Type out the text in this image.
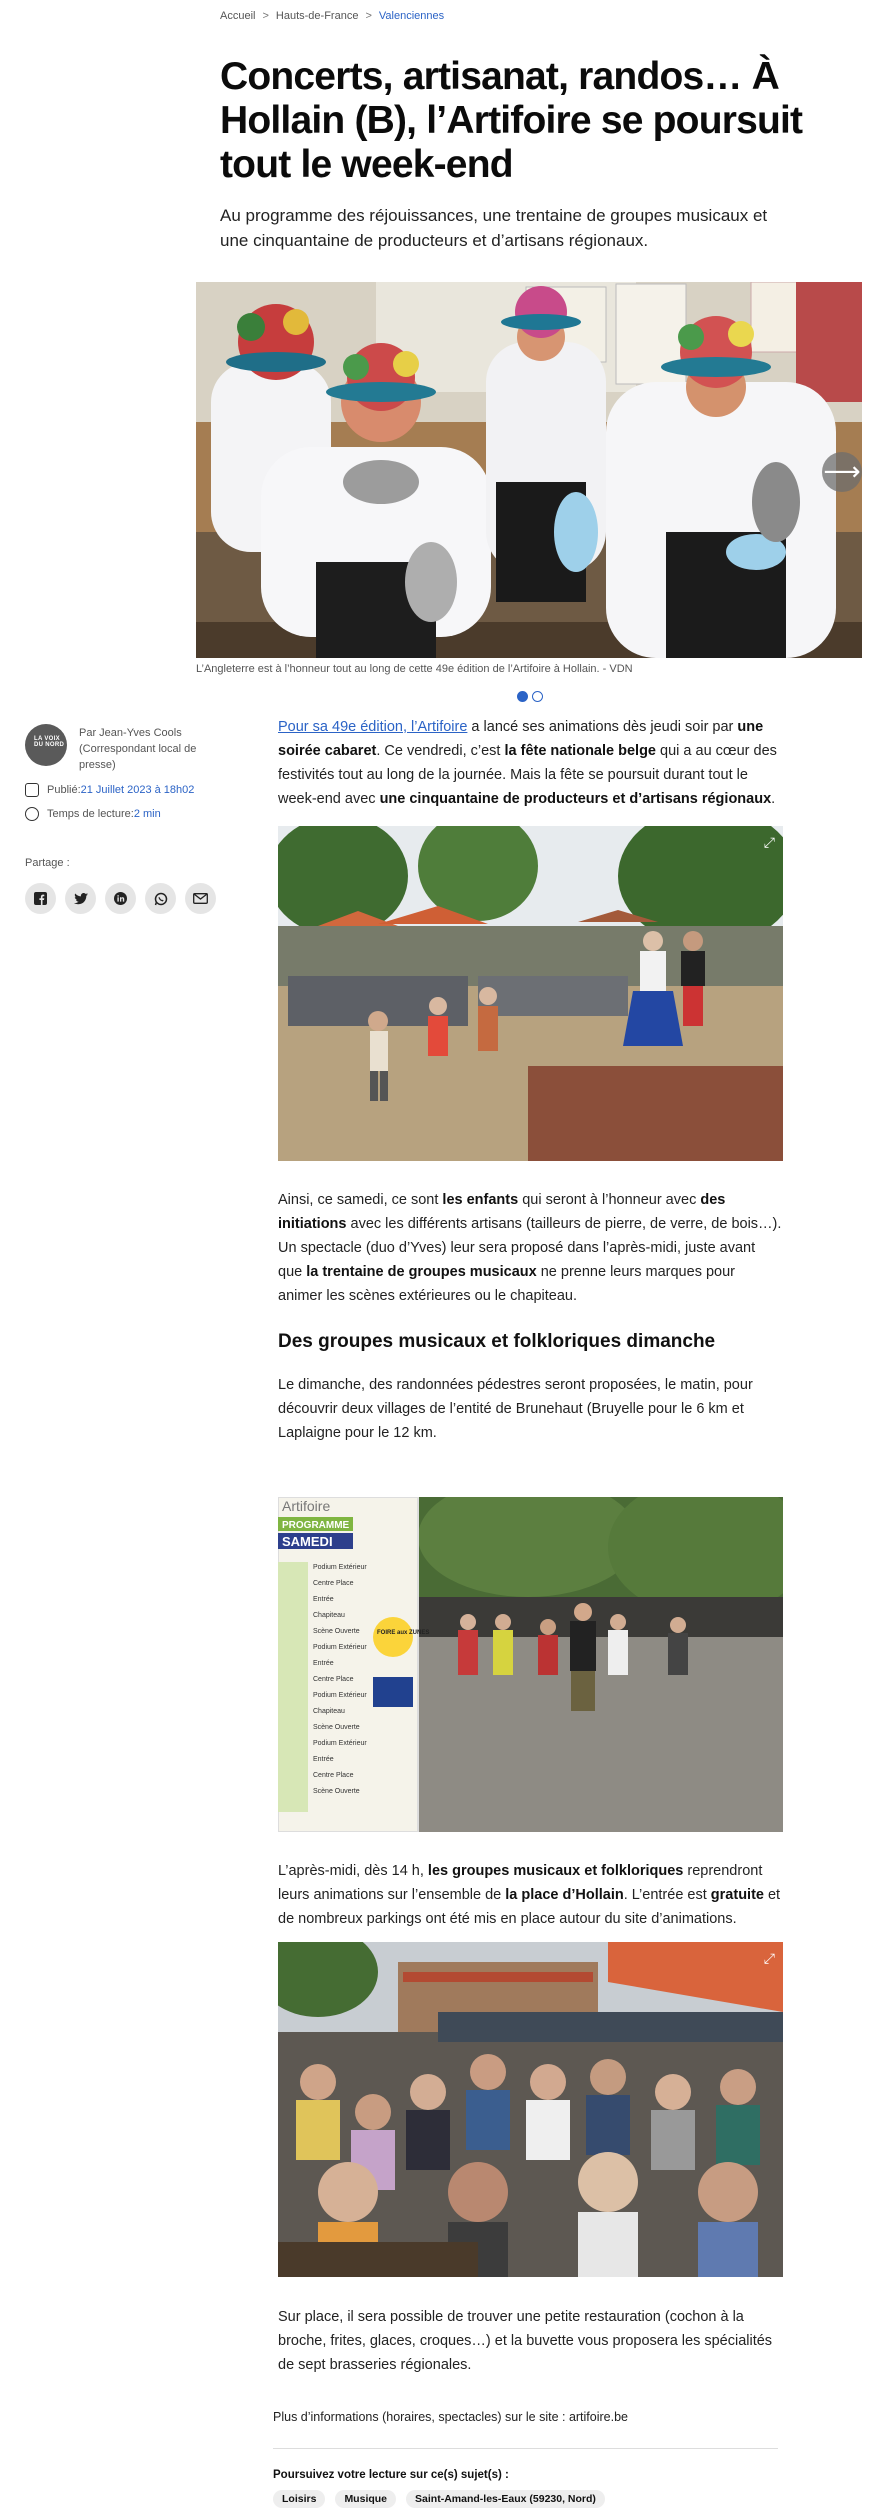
Accueil > Hauts-de-France > Valenciennes
Concerts, artisanat, randos… À Hollain (B), l’Artifoire se poursuit tout le week-end

Au programme des réjouissances, une trentaine de groupes musicaux et une cinquantaine de producteurs et d’artisans régionaux.

⟶

L’Angleterre est à l’honneur tout au long de cette 49e édition de l’Artifoire à Hollain. - VDN

LA VOIX DU NORD
Par Jean-Yves Cools (Correspondant local de presse)
Publié:21 Juillet 2023 à 18h02
Temps de lecture:2 min
Partage :

Pour sa 49e édition, l’Artifoire a lancé ses animations dès jeudi soir par une soirée cabaret. Ce vendredi, c’est la fête nationale belge qui a au cœur des festivités tout au long de la journée. Mais la fête se poursuit durant tout le week-end avec une cinquantaine de producteurs et d’artisans régionaux.

⤢

Ainsi, ce samedi, ce sont les enfants qui seront à l’honneur avec des initiations avec les différents artisans (tailleurs de pierre, de verre, de bois…). Un spectacle (duo d’Yves) leur sera proposé dans l’après-midi, juste avant que la trentaine de groupes musicaux ne prenne leurs marques pour animer les scènes extérieures ou le chapiteau.

Des groupes musicaux et folkloriques dimanche

Le dimanche, des randonnées pédestres seront proposées, le matin, pour découvrir deux villages de l’entité de Brunehaut (Bruyelle pour le 6 km et Laplaigne pour le 12 km.

Artifoire
PROGRAMME
SAMEDI
FOIRE aux ZUNES
Podium Extérieur
Centre Place
Entrée
Chapiteau
Scène Ouverte
Podium Extérieur
Entrée
Centre Place
Podium Extérieur
Chapiteau
Scène Ouverte
Podium Extérieur
Entrée
Centre Place
Scène Ouverte

L’après-midi, dès 14 h, les groupes musicaux et folkloriques reprendront leurs animations sur l’ensemble de la place d’Hollain. L’entrée est gratuite et de nombreux parkings ont été mis en place autour du site d’animations.

⤢

Sur place, il sera possible de trouver une petite restauration (cochon à la broche, frites, glaces, croques…) et la buvette vous proposera les spécialités de sept brasseries régionales.

Plus d’informations (horaires, spectacles) sur le site : artifoire.be

Poursuivez votre lecture sur ce(s) sujet(s) :

Loisirs	Musique	Saint-Amand-les-Eaux (59230, Nord)
